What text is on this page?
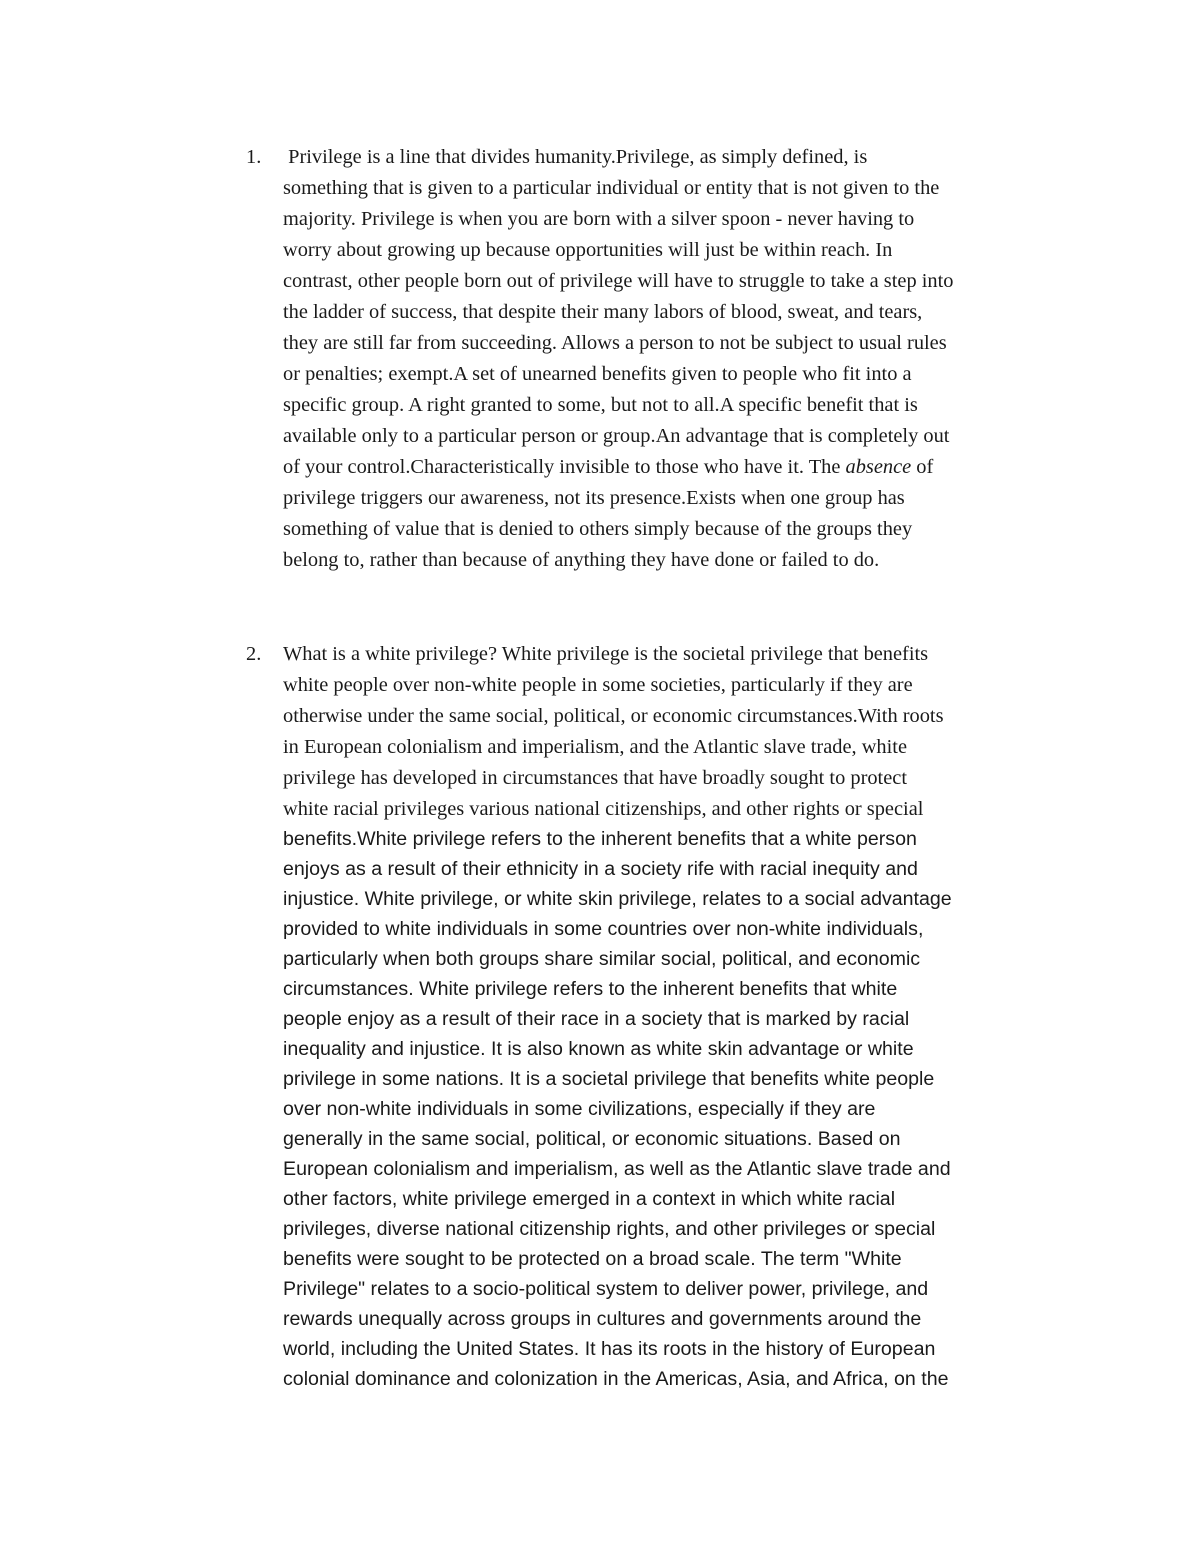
1.	Privilege is a line that divides humanity.Privilege, as simply defined, is
something that is given to a particular individual or entity that is not given to the
majority. Privilege is when you are born with a silver spoon - never having to
worry about growing up because opportunities will just be within reach. In
contrast, other people born out of privilege will have to struggle to take a step into
the ladder of success, that despite their many labors of blood, sweat, and tears,
they are still far from succeeding. Allows a person to not be subject to usual rules
or penalties; exempt.A set of unearned benefits given to people who fit into a
specific group. A right granted to some, but not to all.A specific benefit that is
available only to a particular person or group.An advantage that is completely out
of your control.Characteristically invisible to those who have it. The absence of
privilege triggers our awareness, not its presence.Exists when one group has
something of value that is denied to others simply because of the groups they
belong to, rather than because of anything they have done or failed to do.
2.	What is a white privilege? White privilege is the societal privilege that benefits
white people over non-white people in some societies, particularly if they are
otherwise under the same social, political, or economic circumstances.With roots
in European colonialism and imperialism, and the Atlantic slave trade, white
privilege has developed in circumstances that have broadly sought to protect
white racial privileges various national citizenships, and other rights or special
benefits.White privilege refers to the inherent benefits that a white person
enjoys as a result of their ethnicity in a society rife with racial inequity and
injustice. White privilege, or white skin privilege, relates to a social advantage
provided to white individuals in some countries over non-white individuals,
particularly when both groups share similar social, political, and economic
circumstances. White privilege refers to the inherent benefits that white
people enjoy as a result of their race in a society that is marked by racial
inequality and injustice. It is also known as white skin advantage or white
privilege in some nations. It is a societal privilege that benefits white people
over non-white individuals in some civilizations, especially if they are
generally in the same social, political, or economic situations. Based on
European colonialism and imperialism, as well as the Atlantic slave trade and
other factors, white privilege emerged in a context in which white racial
privileges, diverse national citizenship rights, and other privileges or special
benefits were sought to be protected on a broad scale. The term "White
Privilege" relates to a socio-political system to deliver power, privilege, and
rewards unequally across groups in cultures and governments around the
world, including the United States. It has its roots in the history of European
colonial dominance and colonization in the Americas, Asia, and Africa, on the
